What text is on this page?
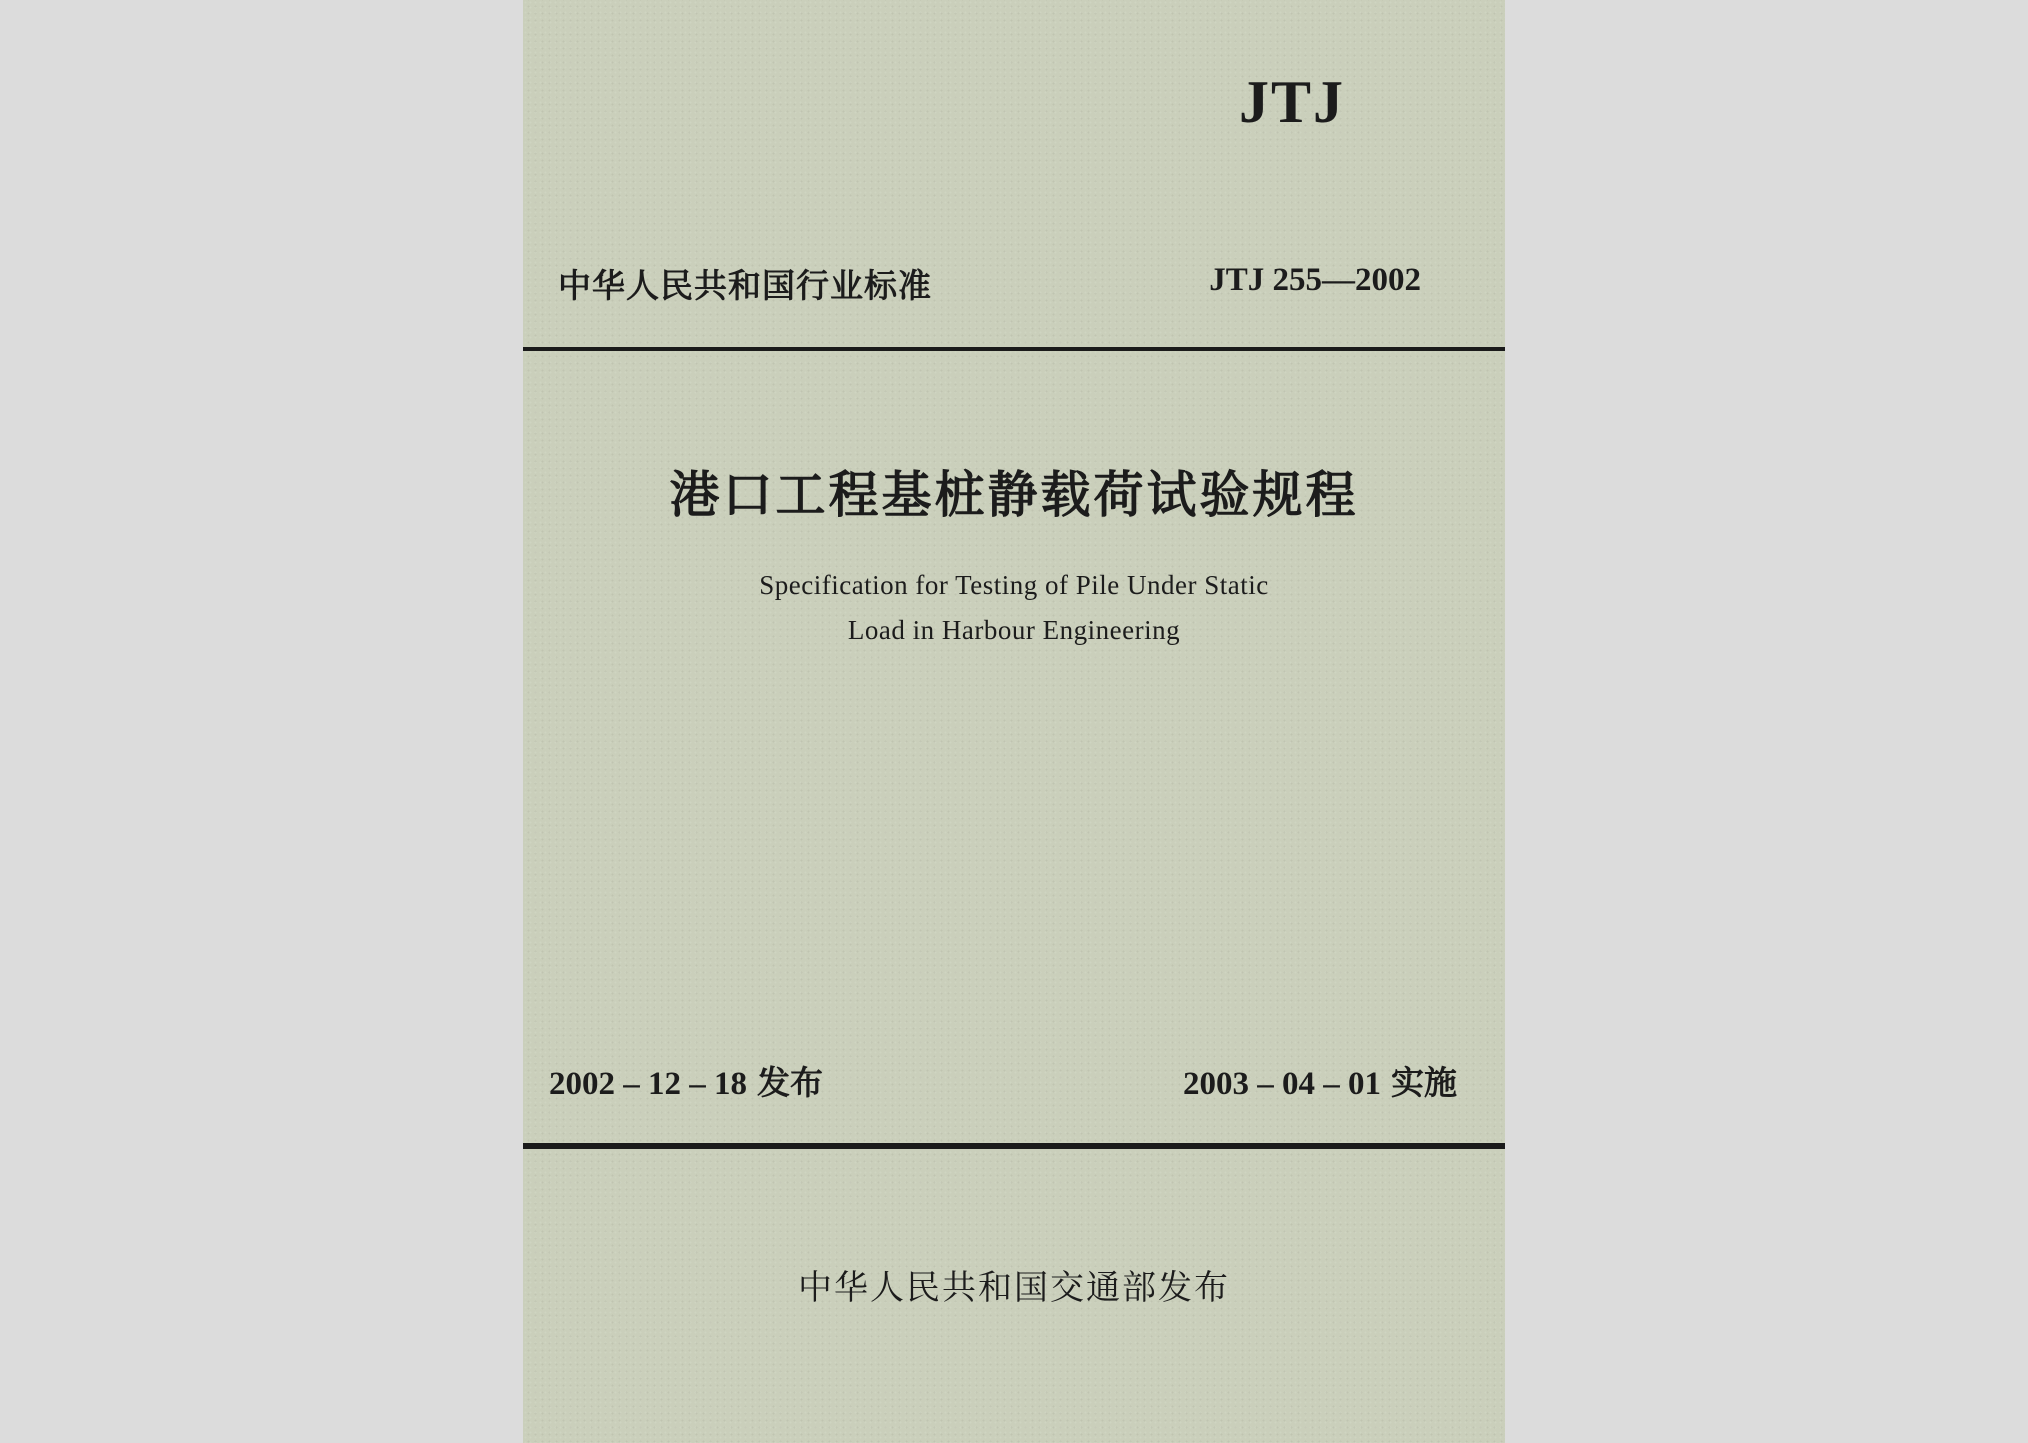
JTJ
中华人民共和国行业标准	JTJ 255—2002
港口工程基桩静载荷试验规程
Specification for Testing of Pile Under Static
Load in Harbour Engineering
2002 – 12 – 18 发布	2003 – 04 – 01 实施
中华人民共和国交通部发布
